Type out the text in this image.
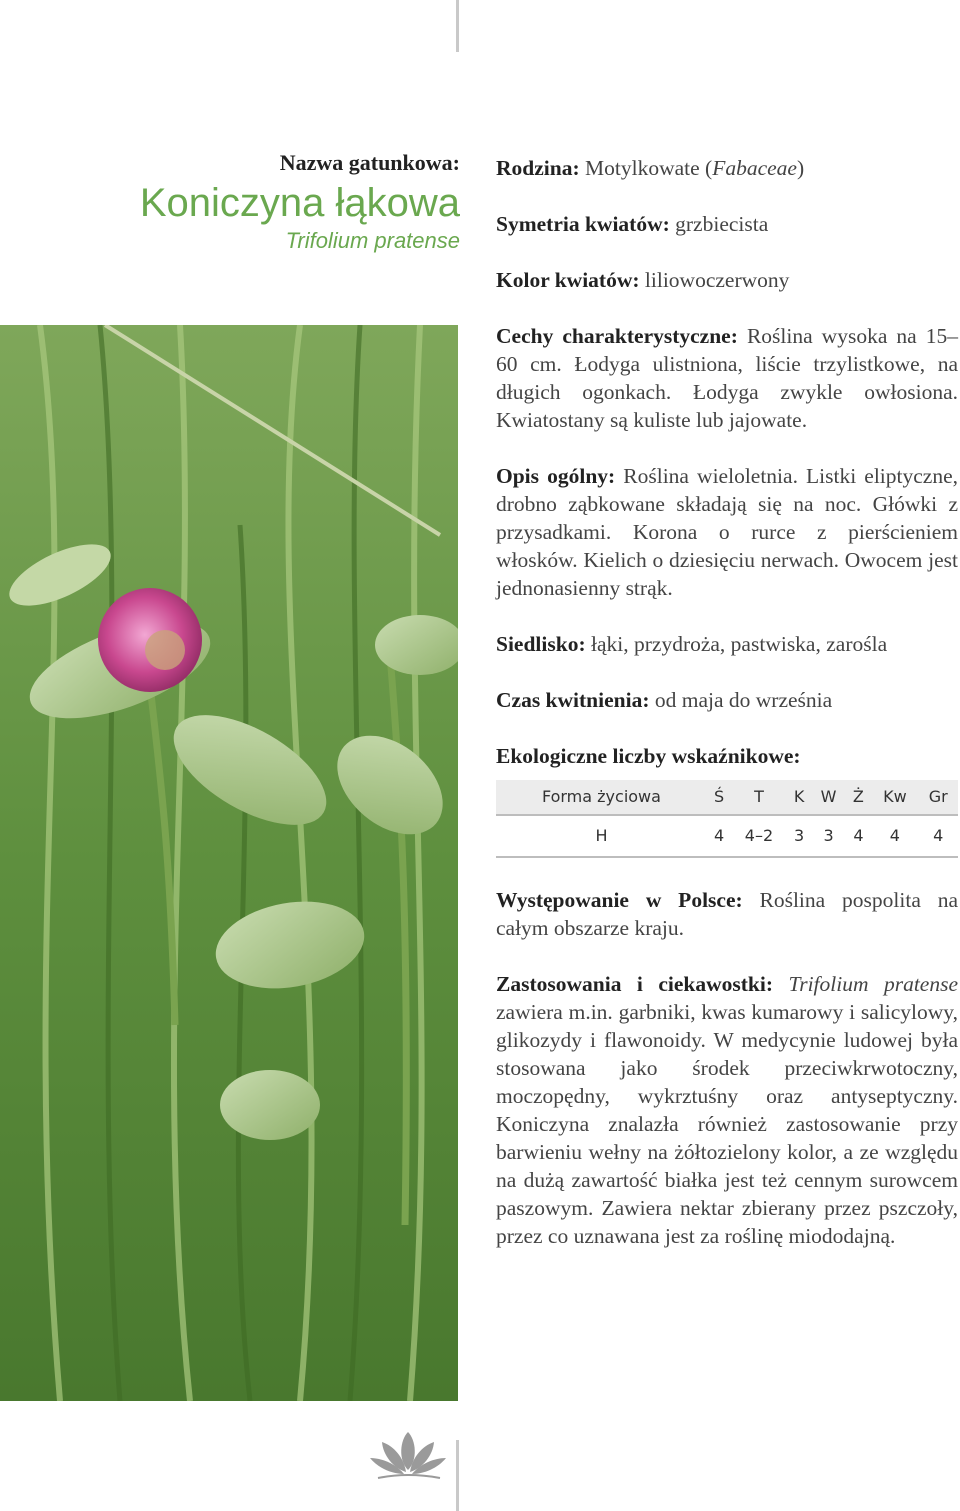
Nazwa gatunkowa:
Koniczyna łąkowa
Trifolium pratense

Rodzina: Motylkowate (Fabaceae)

Symetria kwiatów: grzbiecista

Kolor kwiatów: liliowoczerwony

Cechy charakterystyczne: Roślina wysoka na 15–60 cm. Łodyga ulistniona, liście trzylistkowe, na długich ogonkach. Łodyga zwykle owłosiona. Kwiatostany są kuliste lub jajowate.

Opis ogólny: Roślina wieloletnia. Listki eliptyczne, drobno ząbkowane składają się na noc. Główki z przysadkami. Korona o rurce z pierścieniem włosków. Kielich o dziesięciu nerwach. Owocem jest jednonasienny strąk.

Siedlisko: łąki, przydroża, pastwiska, zarośla

Czas kwitnienia: od maja do września

Ekologiczne liczby wskaźnikowe:

Forma życiowa	Ś	T	K	W	Ż	Kw	Gr
H	4	4–2	3	3	4	4	4

Występowanie w Polsce: Roślina pospolita na całym obszarze kraju.

Zastosowania i ciekawostki: Trifolium pratense zawiera m.in. garbniki, kwas kumarowy i salicylowy, glikozydy i flawonoidy. W medycynie ludowej była stosowana jako środek przeciwkrwotoczny, moczopędny, wykrztuśny oraz antyseptyczny. Koniczyna znalazła również zastosowanie przy barwieniu wełny na żółtozielony kolor, a ze względu na dużą zawartość białka jest też cennym surowcem paszowym. Zawiera nektar zbierany przez pszczoły, przez co uznawana jest za roślinę miododajną.
